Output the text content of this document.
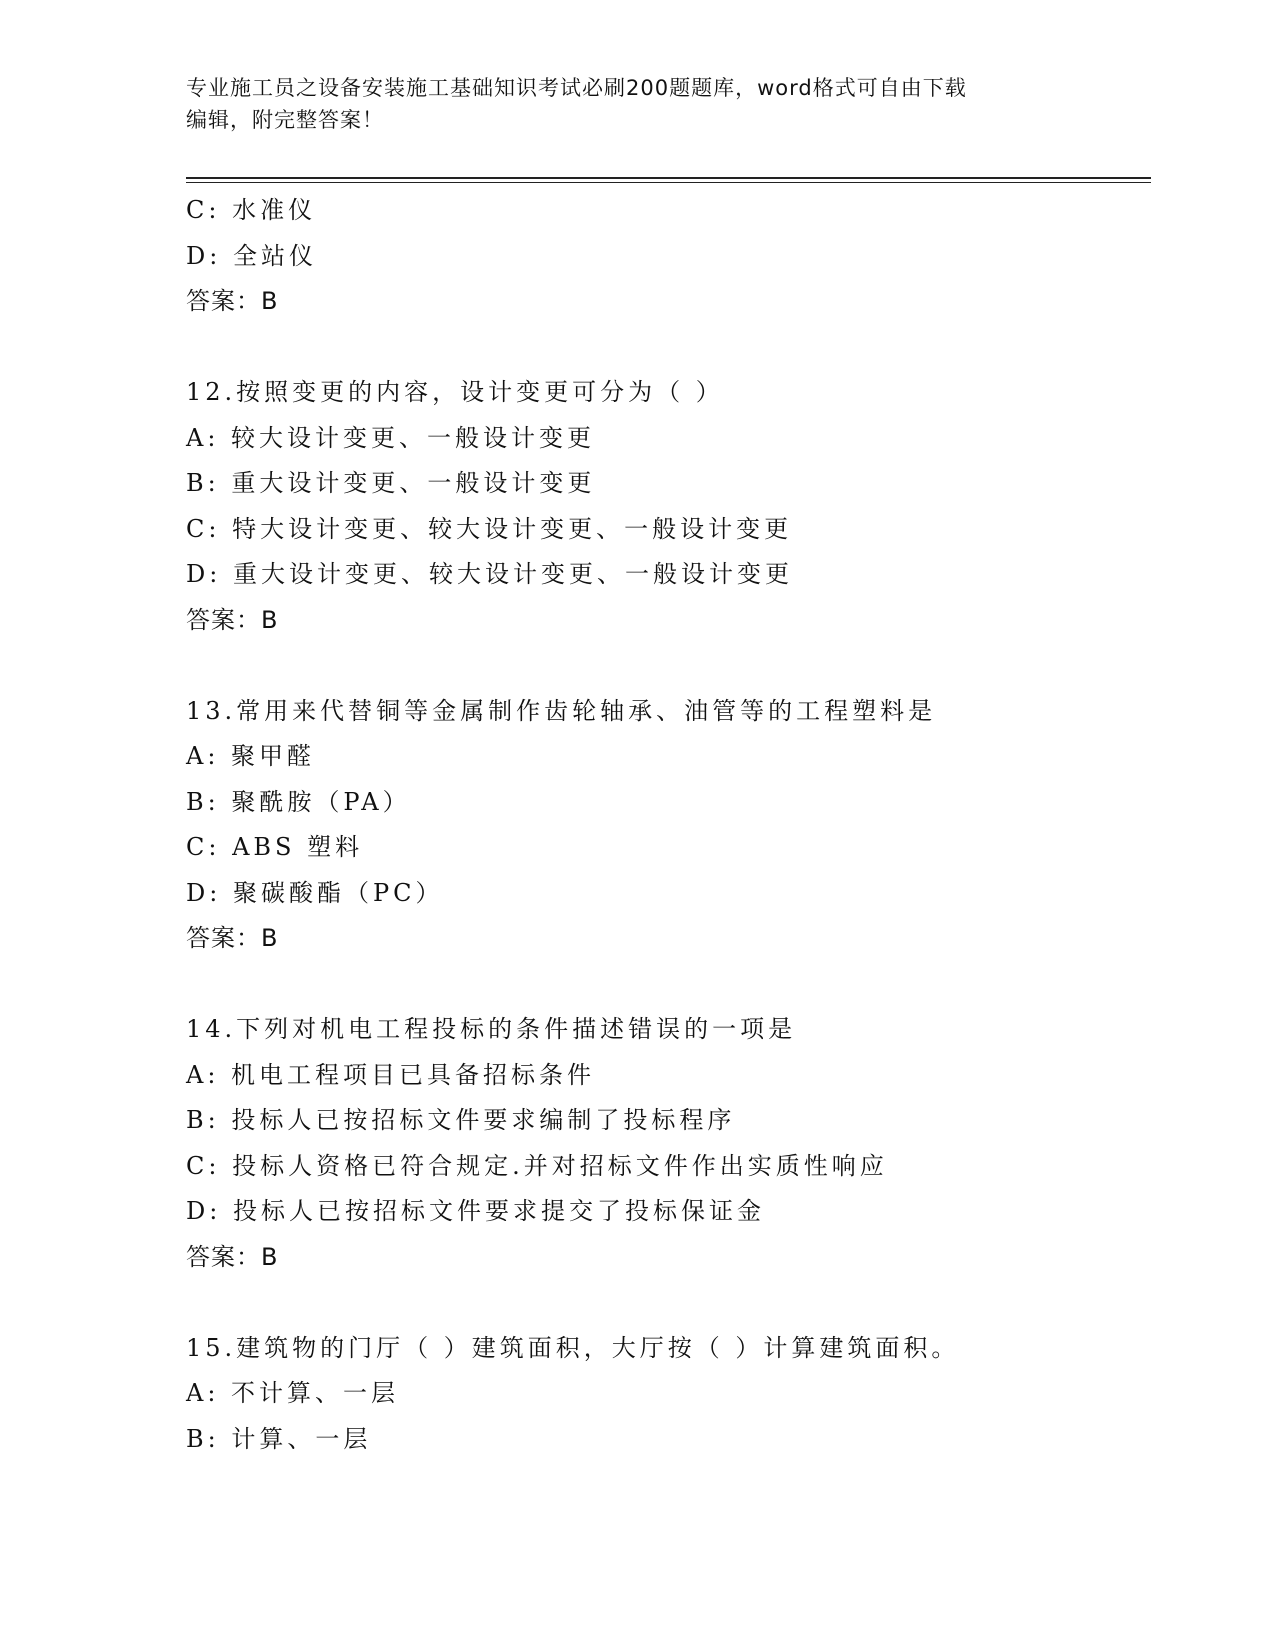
专业施工员之设备安装施工基础知识考试必刷200题题库，word格式可自由下载
编辑，附完整答案！
C: 水准仪
D: 全站仪
答案：B
12.按照变更的内容，设计变更可分为（ ）
A: 较大设计变更、一般设计变更
B: 重大设计变更、一般设计变更
C: 特大设计变更、较大设计变更、一般设计变更
D: 重大设计变更、较大设计变更、一般设计变更
答案：B
13.常用来代替铜等金属制作齿轮轴承、油管等的工程塑料是
A: 聚甲醛
B: 聚酰胺（PA）
C: ABS 塑料
D: 聚碳酸酯（PC）
答案：B
14.下列对机电工程投标的条件描述错误的一项是
A: 机电工程项目已具备招标条件
B: 投标人已按招标文件要求编制了投标程序
C: 投标人资格已符合规定.并对招标文件作出实质性响应
D: 投标人已按招标文件要求提交了投标保证金
答案：B
15.建筑物的门厅（ ）建筑面积，大厅按（ ）计算建筑面积。
A: 不计算、一层
B: 计算、一层
